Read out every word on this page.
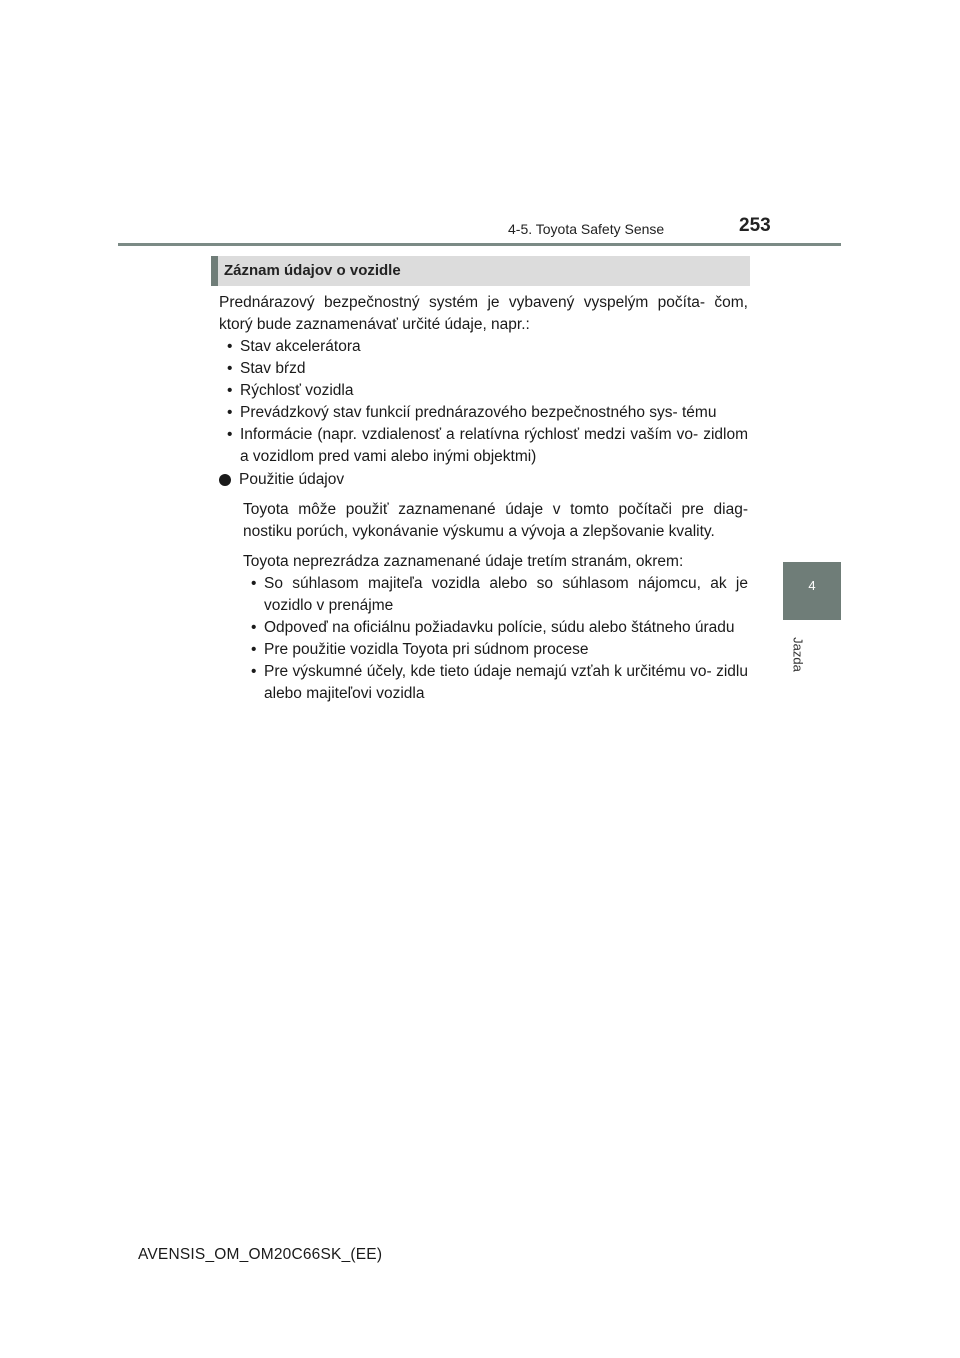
4-5. Toyota Safety Sense	253
4
Jazda
Záznam údajov o vozidle

Prednárazový bezpečnostný systém je vybavený vyspelým počíta- čom, ktorý bude zaznamenávať určité údaje, napr.:

• Stav akcelerátora
• Stav bŕzd
• Rýchlosť vozidla
• Prevádzkový stav funkcií prednárazového bezpečnostného sys- tému
• Informácie (napr. vzdialenosť a relatívna rýchlosť medzi vaším vo- zidlom a vozidlom pred vami alebo inými objektmi)
Použitie údajov

Toyota môže použiť zaznamenané údaje v tomto počítači pre diag- nostiku porúch, vykonávanie výskumu a vývoja a zlepšovanie kvality.

Toyota neprezrádza zaznamenané údaje tretím stranám, okrem:

• So súhlasom majiteľa vozidla alebo so súhlasom nájomcu, ak je vozidlo v prenájme
• Odpoveď na oficiálnu požiadavku polície, súdu alebo štátneho úradu
• Pre použitie vozidla Toyota pri súdnom procese
• Pre výskumné účely, kde tieto údaje nemajú vzťah k určitému vo- zidlu alebo majiteľovi vozidla
AVENSIS_OM_OM20C66SK_(EE)
